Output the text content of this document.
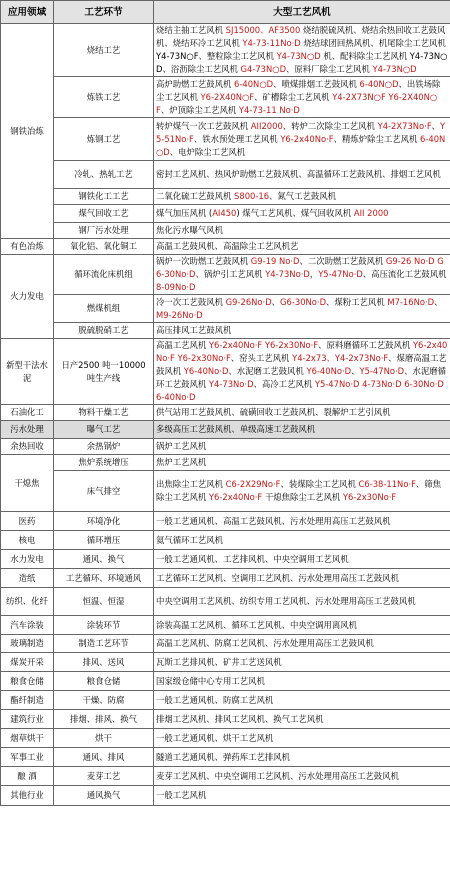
应用领域	工艺环节	大型工艺风机
钢铁冶炼	烧结工艺	烧结主抽工艺风机 SJ15000、AF3500 烧结脱硫风机、烧结余热回收工艺鼓风机、烧结环冷工艺风机 Y4-73-11No·D 烧结球团回热风机、机尾除尘工艺风机 Y4-73N○F、整粒除尘工艺风机 Y4-73N○D 机、配料除尘工艺风机 Y4-73N○D、浴沥除尘工艺风机 G4-73N○D、原料厂除尘工艺风机 Y4-73N○D
	炼铁工艺	高炉助燃工艺鼓风机 6-40N○D、喷煤排烟工艺鼓风机 6-40N○D、出铁场除尘工艺风机 Y6-2X40N○F、矿槽除尘工艺风机 Y4-2X73N○F Y6-2X40N○F、炉顶除尘工艺风机 Y4-73-11 No·D
	炼钢工艺	转炉煤气一次工艺鼓风机 AII2000、转炉二次除尘工艺风机 Y4-2X73No·F、Y5-51No·F、铁水预处理工艺风机 Y6-2x40No·F、精炼炉除尘工艺风机 6-40N○D、电炉除尘工艺风机
	冷轧、热轧工艺	密封工艺风机、热风炉助燃工艺鼓风机、高温循环工艺鼓风机、排烟工艺风机
	钢铁化工工艺	二氧化硫工艺鼓风机 S800-16、氮气工艺鼓风机
	煤气回收工艺	煤气加压风机 (AI450) 煤气工艺风机、煤气回收风机 AII 2000
	钢厂污水处理	焦化污水曝气风机
有色冶炼	氧化铝、氧化铜工	高温工艺鼓风机、高温除尘工艺风机艺
火力发电	循环流化床机组	锅炉一次助燃工艺鼓风机 G9-19 No·D、二次助燃工艺鼓风机 G9-26 No·D G6-30No·D、锅炉引工艺风机 Y4-73No·D，Y5-47No·D、高压流化工艺鼓风机 8-09No·D
	燃煤机组	冷一次工艺鼓风机 G9-26No·D、G6-30No·D、煤粉工艺风机 M7-16No·D、M9-26No·D
	脱硫脱硝工艺	高压排风工艺鼓风机
新型干法水泥	日产2500 吨一10000 吨生产线	高温工艺风机 Y6-2x40No·F Y6-2x30No·F、原料磨循环工艺鼓风机 Y6-2x40No·F Y6-2x30No·F、窑头工艺风机 Y4-2x73、Y4-2x73No·F、煤磨高温工艺鼓风机 Y6-40No·D、水泥磨工艺鼓风机 Y6-40No·D、Y5-47No·D、水泥磨循环工艺鼓风机 Y4-73No·D、高冷工艺风机 Y5-47No·D 4-73No·D 6-30No·D 6-40No·D
石油化工	物料干燥工艺	供气站用工艺鼓风机、硫磺回收工艺鼓风机、裂解炉工艺引风机
污水处理	曝气工艺	多级高压工艺鼓风机、单级高速工艺鼓风机
余热回收	余热锅炉	锅炉工艺风机
干熄焦	焦炉系统增压	焦炉工艺风机
	床气排空	出焦除尘工艺风机 C6-2X29No·F、装煤除尘工艺风机 C6-38-11No·F、筛焦除尘工艺风机 Y6-2x40No·F 干熄焦除尘工艺风机 Y6-2x30No·F
医药	环境净化	一般工艺通风机、高温工艺鼓风机、污水处理用高压工艺鼓风机
核电	循环增压	氦气循环工艺风机
水力发电	通风、换气	一般工艺通风机、工艺排风机、中央空调用工艺风机
造纸	工艺循环、环境通风	工艺循环工艺风机、空调用工艺风机、污水处理用高压工艺鼓风机
纺织、化纤	恒温、恒湿	中央空调用工艺风机、纺织专用工艺风机、污水处理用高压工艺鼓风机
汽车涂装	涂装环节	涂装高温工艺风机、循环工艺风机、中央空调用离风机
玻璃制造	制造工艺环节	高温工艺风机、防腐工艺风机、污水处理用高压工艺鼓风机
煤炭开采	排风、送风	瓦斯工艺排风机、矿井工艺送风机
粮食仓储	粮食仓储	国家级仓储中心专用工艺风机
酯纤制造	干燥、防腐	一般工艺通风机、防腐工艺风机
建筑行业	排烟、排风、换气	排烟工艺风机、排风工艺风机、换气工艺风机
烟草烘干	烘干	一般工艺通风机、烘干工艺风机
军事工业	通风、排风	隧道工艺通风机、弹药库工艺排风机
酿 酒	麦芽工艺	麦芽工艺风机、中央空调用工艺风机、污水处理用高压工艺鼓风机
其他行业	通风换气	一般工艺风机
